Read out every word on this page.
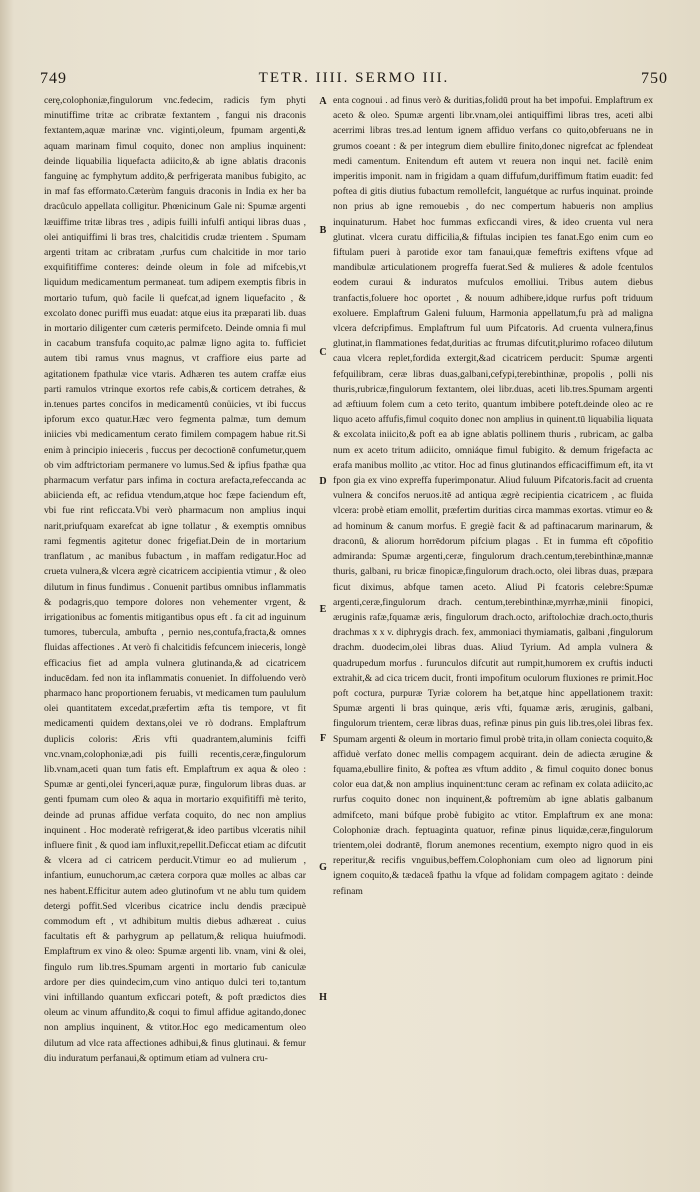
749	TETR. IIII. SERMO III.	750

cerę,colophoniæ,fingulorum vnc.fedecim, radicis fym phyti minutiffime tritæ ac cribratæ fextantem , fangui nis draconis fextantem,aquæ marinæ vnc. viginti,oleum, fpumam argenti,& aquam marinam fimul coquito, donec non amplius inquinent: deinde liquabilia liquefacta adiicito,& ab igne ablatis draconis fanguinę ac fymphytum addito,& perfrigerata manibus fubigito, ac in maf fas efformato.Cæterùm fanguis draconis in India ex her ba dracûculo appellata colligitur. Phœnicinum Gale ni: Spumæ argenti læuiffime tritæ libras tres , adipis fuilli infulfi antiqui libras duas , olei antiquiffimi li bras tres, chalcitidis crudæ trientem . Spumam argenti tritam ac cribratam ,rurfus cum chalcitide in mor tario exquifitiffime conteres: deinde oleum in fole ad mifcebis,vt liquidum medicamentum permaneat. tum adipem exemptis fibris in mortario tufum, quò facile li quefcat,ad ignem liquefacito , & excolato donec puriffi mus euadat: atque eius ita præparati lib. duas in mortario diligenter cum cæteris permifceto. Deinde omnia fi mul in cacabum transfufa coquito,ac palmæ ligno agita to. fufficiet autem tibi ramus vnus magnus, vt craffiore eius parte ad agitationem fpathulæ vice vtaris. Adhæren tes autem craffæ eius parti ramulos vtrinque exortos refe cabis,& corticem detrahes, & in.tenues partes concifos in medicamentû conüicies, vt ibi fuccus ipforum exco quatur.Hæc vero fegmenta palmæ, tum demum iniicies vbi medicamentum cerato fimilem compagem habue rit.Si enim à principio inieceris , fuccus per decoctionē confumetur,quem ob vim adftrictoriam permanere vo lumus.Sed & ipfius fpathæ qua pharmacum verfatur pars infima in coctura arefacta,refeccanda ac abiicienda eft, ac refidua vtendum,atque hoc fæpe faciendum eft, vbi fue rint reficcata.Vbi verò pharmacum non amplius inqui narit,priufquam exarefcat ab igne tollatur , & exemptis omnibus rami fegmentis agitetur donec frigefiat.Dein de in mortarium tranflatum , ac manibus fubactum , in maffam redigatur.Hoc ad crueta vulnera,& vlcera ægrè cicatricem accipientia vtimur , & oleo dilutum in finus fundimus . Conuenit partibus omnibus inflammatis & podagris,quo tempore dolores non vehementer vrgent, & irrigationibus ac fomentis mitigantibus opus eft . fa cit ad inguinum tumores, tubercula, ambufta , pernio nes,contufa,fracta,& omnes fluidas affectiones . At verò fi chalcitidis fefcuncem inieceris, longè efficacius fiet ad ampla vulnera glutinanda,& ad cicatricem inducēdam. fed non ita inflammatis conueniet. In diffoluendo verò pharmaco hanc proportionem feruabis, vt medicamen tum paululum olei quantitatem excedat,præfertim æfta tis tempore, vt fit medicamenti quidem dextans,olei ve rò dodrans. Emplaftrum duplicis coloris: Æris vfti quadrantem,aluminis fciffi vnc.vnam,colophoniæ,adi pis fuilli recentis,ceræ,fingulorum lib.vnam,aceti quan tum fatis eft. Emplaftrum ex aqua & oleo : Spumæ ar genti,olei fynceri,aquæ puræ, fingulorum libras duas. ar genti fpumam cum oleo & aqua in mortario exquifitiffi mè terito, deinde ad prunas affidue verfata coquito, do nec non amplius inquinent . Hoc moderatè refrigerat,& ideo partibus vlceratis nihil influere finit , & quod iam influxit,repellit.Deficcat etiam ac difcutit & vlcera ad ci catricem perducit.Vtimur eo ad mulierum , infantium, eunuchorum,ac cætera corpora quæ molles ac albas car nes habent.Efficitur autem adeo glutinofum vt ne ablu tum quidem detergi poffit.Sed vlceribus cicatrice inclu dendis præcipuè commodum eft , vt adhibitum multis diebus adhæreat . cuius facultatis eft & parhygrum ap pellatum,& reliqua huiufmodi. Emplaftrum ex vino & oleo: Spumæ argenti lib. vnam, vini & olei, fingulo rum lib.tres.Spumam argenti in mortario fub caniculæ ardore per dies quindecim,cum vino antiquo dulci teri to,tantum vini inftillando quantum exficcari poteft, & poft prædictos dies oleum ac vinum affundito,& coqui to fimul affidue agitando,donec non amplius inquinent, & vtitor.Hoc ego medicamentum oleo dilutum ad vlce rata affectiones adhibui,& finus glutinaui. & femur diu induratum perfanaui,& optimum etiam ad vulnera cru-

A
B
C
D
E
F
G
H

enta cognoui . ad finus verò & duritias,folidū prout ha bet impofui. Emplaftrum ex aceto & oleo. Spumæ argenti libr.vnam,olei antiquiffimi libras tres, aceti albi acerrimi libras tres.ad lentum ignem affiduo verfans co quito,obferuans ne in grumos coeant : & per integrum diem ebullire finito,donec nigrefcat ac fplendeat medi camentum. Enitendum eft autem vt reuera non inqui net. facilè enim imperitis imponit. nam in frigidam a quam diffufum,duriffimum ftatim euadit: fed poftea di gitis diutius fubactum remollefcit, languétque ac rurfus inquinat. proinde non prius ab igne remouebis , do nec compertum habueris non amplius inquinaturum. Habet hoc fummas exficcandi vires, & ideo cruenta vul nera glutinat. vlcera curatu difficilia,& fiftulas incipien tes fanat.Ego enim cum eo fiftulam pueri à parotide exor tam fanaui,quæ femeftris exiftens vfque ad mandibulæ articulationem progreffa fuerat.Sed & mulieres & adole fcentulos eodem curaui & induratos mufculos emolliui. Tribus autem diebus tranfactis,foluere hoc oportet , & nouum adhibere,idque rurfus poft triduum exoluere. Emplaftrum Galeni fuluum, Harmonia appellatum,fu prà ad maligna vlcera defcripfimus. Emplaftrum ful uum Pifcatoris. Ad cruenta vulnera,finus glutinat,in flammationes fedat,duritias ac ftrumas difcutit,plurimo rofaceo dilutum caua vlcera replet,fordida extergit,&ad cicatricem perducit: Spumæ argenti fefquilibram, ceræ libras duas,galbani,cefypi,terebinthinæ, propolis , polli nis thuris,rubricæ,fingulorum fextantem, olei libr.duas, aceti lib.tres.Spumam argenti ad æftiuum folem cum a ceto terito, quantum imbibere poteft.deinde oleo ac re liquo aceto affufis,fimul coquito donec non amplius in quinent.tū liquabilia liquata & excolata iniicito,& poft ea ab igne ablatis pollinem thuris , rubricam, ac galba num ex aceto tritum adiicito, omniáque fimul fubigito. & demum frigefacta ac erafa manibus mollito ,ac vtitor. Hoc ad finus glutinandos efficaciffimum eft, ita vt fpon gia ex vino expreffa fuperimponatur. Aliud fuluum Pifcatoris.facit ad cruenta vulnera & concifos neruos.itē ad antiqua ægrè recipientia cicatricem , ac fluida vlcera: probè etiam emollit, præfertim duritias circa mammas exortas. vtimur eo & ad hominum & canum morfus. E gregiè facit & ad paftinacarum marinarum, & draconū, & aliorum horrēdorum pifcium plagas . Et in fumma eft cōpofitio admiranda: Spumæ argenti,ceræ, fingulorum drach.centum,terebinthinæ,mannæ thuris, galbani, ru bricæ finopicæ,fingulorum drach.octo, olei libras duas, præpara ficut diximus, abfque tamen aceto. Aliud Pi fcatoris celebre:Spumæ argenti,ceræ,fingulorum drach. centum,terebinthinæ,myrrhæ,minii finopici, æruginis rafæ,fquamæ æris, fingulorum drach.octo, ariftolochiæ drach.octo,thuris drachmas x x v. diphrygis drach. fex, ammoniaci thymiamatis, galbani ,fingulorum drachm. duodecim,olei libras duas. Aliud Tyrium. Ad ampla vulnera & quadrupedum morfus . furunculos difcutit aut rumpit,humorem ex cruftis inducti extrahit,& ad cica tricem ducit, fronti impofitum oculorum fluxiones re primit.Hoc poft coctura, purpuræ Tyriæ colorem ha bet,atque hinc appellationem traxit: Spumæ argenti li bras quinque, æris vfti, fquamæ æris, æruginis, galbani, fingulorum trientem, ceræ libras duas, refinæ pinus pin guis lib.tres,olei libras fex. Spumam argenti & oleum in mortario fimul probè trita,in ollam coniecta coquito,& affiduè verfato donec mellis compagem acquirant. dein de adiecta ærugine & fquama,ebullire finito, & poftea æs vftum addito , & fimul coquito donec bonus color eua dat,& non amplius inquinent:tunc ceram ac refinam ex colata adiicito,ac rurfus coquito donec non inquinent,& poftremùm ab igne ablatis galbanum admifceto, mani búfque probè fubigito ac vtitor. Emplaftrum ex ane mona: Colophoniæ drach. feptuaginta quatuor, refinæ pinus liquidæ,ceræ,fingulorum trientem,olei dodrantē, florum anemones recentium, exempto nigro quod in eis reperitur,& recifis vnguibus,beffem.Colophoniam cum oleo ad lignorum pini ignem coquito,& tædaceâ fpathu la vfque ad folidam compagem agitato : deinde refinam
